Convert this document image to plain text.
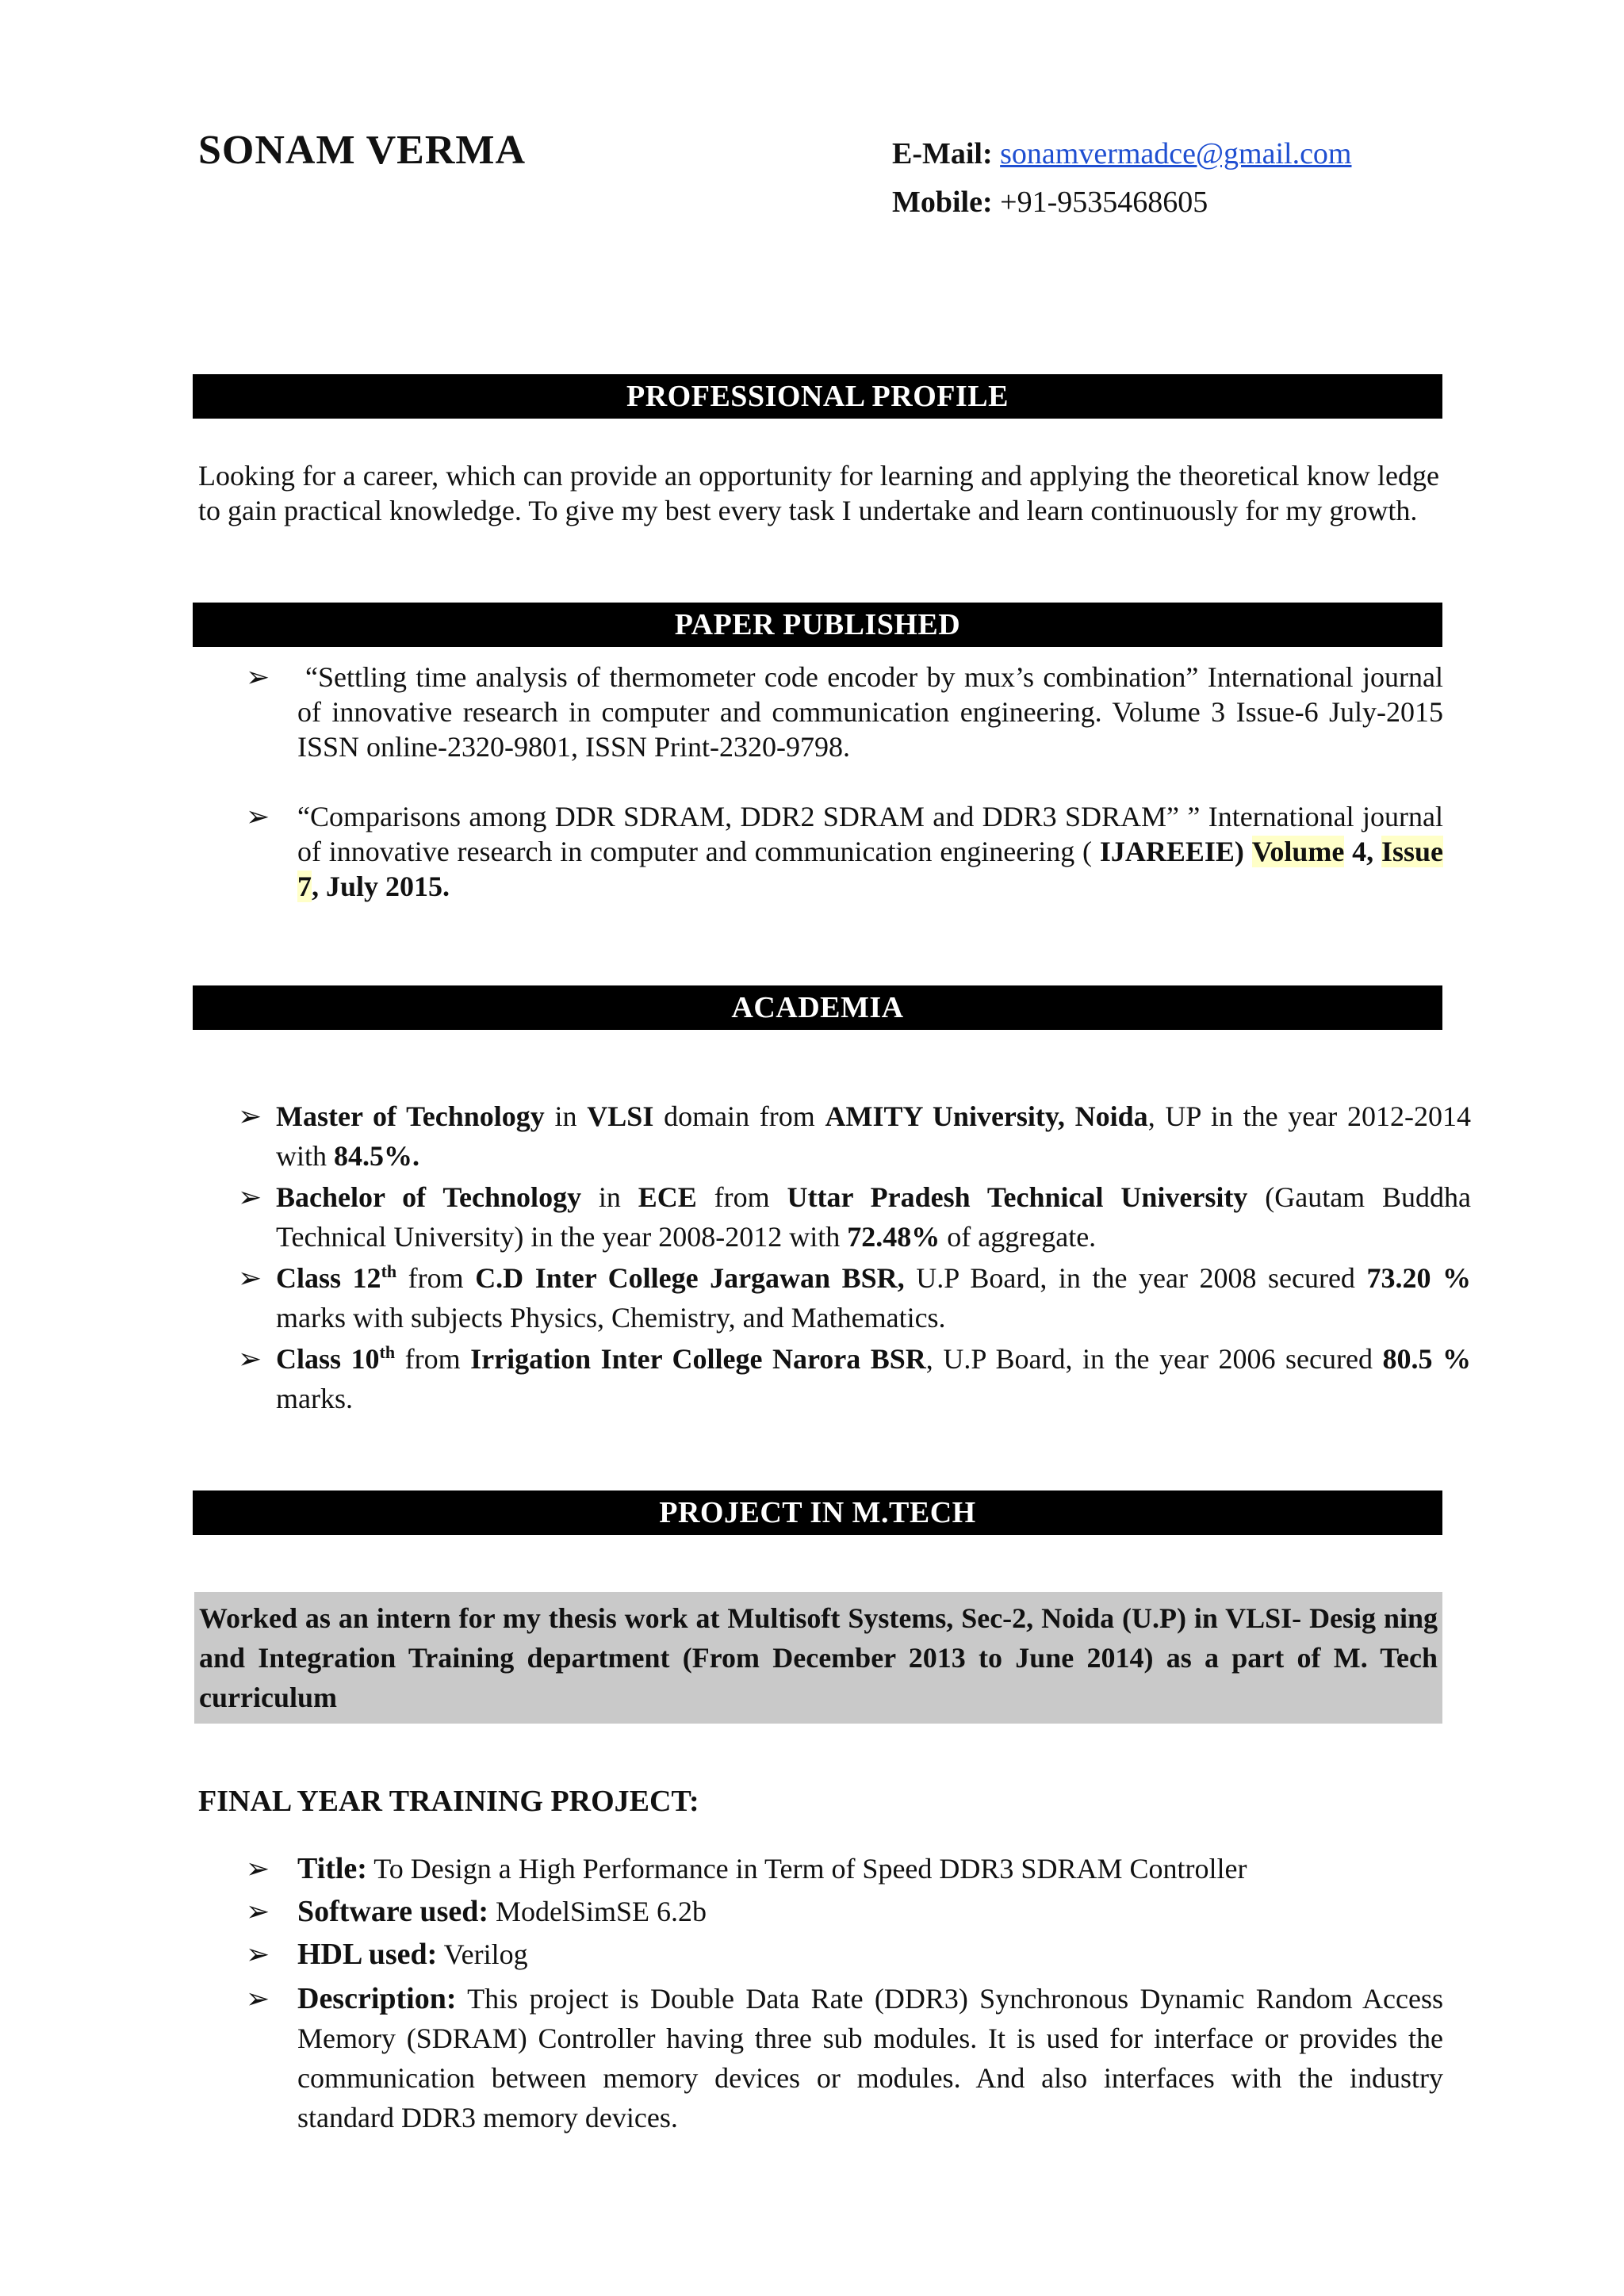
SONAM VERMA	E-Mail: sonamvermadce@gmail.com
Mobile: +91-9535468605
PROFESSIONAL PROFILE
Looking for a career, which can provide an opportunity for learning and applying the theoretical know ledge to gain practical knowledge. To give my best every task I undertake and learn continuously for my growth.
PAPER PUBLISHED
➢ “Settling time analysis of thermometer code encoder by mux’s combination” International journal of innovative research in computer and communication engineering. Volume 3 Issue-6 July-2015 ISSN online-2320-9801, ISSN Print-2320-9798.
➢ “Comparisons among DDR SDRAM, DDR2 SDRAM and DDR3 SDRAM” ” International journal of innovative research in computer and communication engineering ( IJAREEIE) Volume 4, Issue 7, July 2015.
ACADEMIA
➢ Master of Technology in VLSI domain from AMITY University, Noida, UP in the year 2012-2014 with 84.5%.
➢ Bachelor of Technology in ECE from Uttar Pradesh Technical University (Gautam Buddha Technical University) in the year 2008-2012 with 72.48% of aggregate.
➢ Class 12th from C.D Inter College Jargawan BSR, U.P Board, in the year 2008 secured 73.20 % marks with subjects Physics, Chemistry, and Mathematics.
➢ Class 10th from Irrigation Inter College Narora BSR, U.P Board, in the year 2006 secured 80.5 % marks.
PROJECT IN M.TECH
Worked as an intern for my thesis work at Multisoft Systems, Sec-2, Noida (U.P) in VLSI- Desig ning and Integration Training department (From December 2013 to June 2014) as a part of M. Tech curriculum
FINAL YEAR TRAINING PROJECT:
➢ Title: To Design a High Performance in Term of Speed DDR3 SDRAM Controller
➢ Software used: ModelSimSE 6.2b
➢ HDL used: Verilog
➢ Description: This project is Double Data Rate (DDR3) Synchronous Dynamic Random Access Memory (SDRAM) Controller having three sub modules. It is used for interface or provides the communication between memory devices or modules. And also interfaces with the industry standard DDR3 memory devices.
